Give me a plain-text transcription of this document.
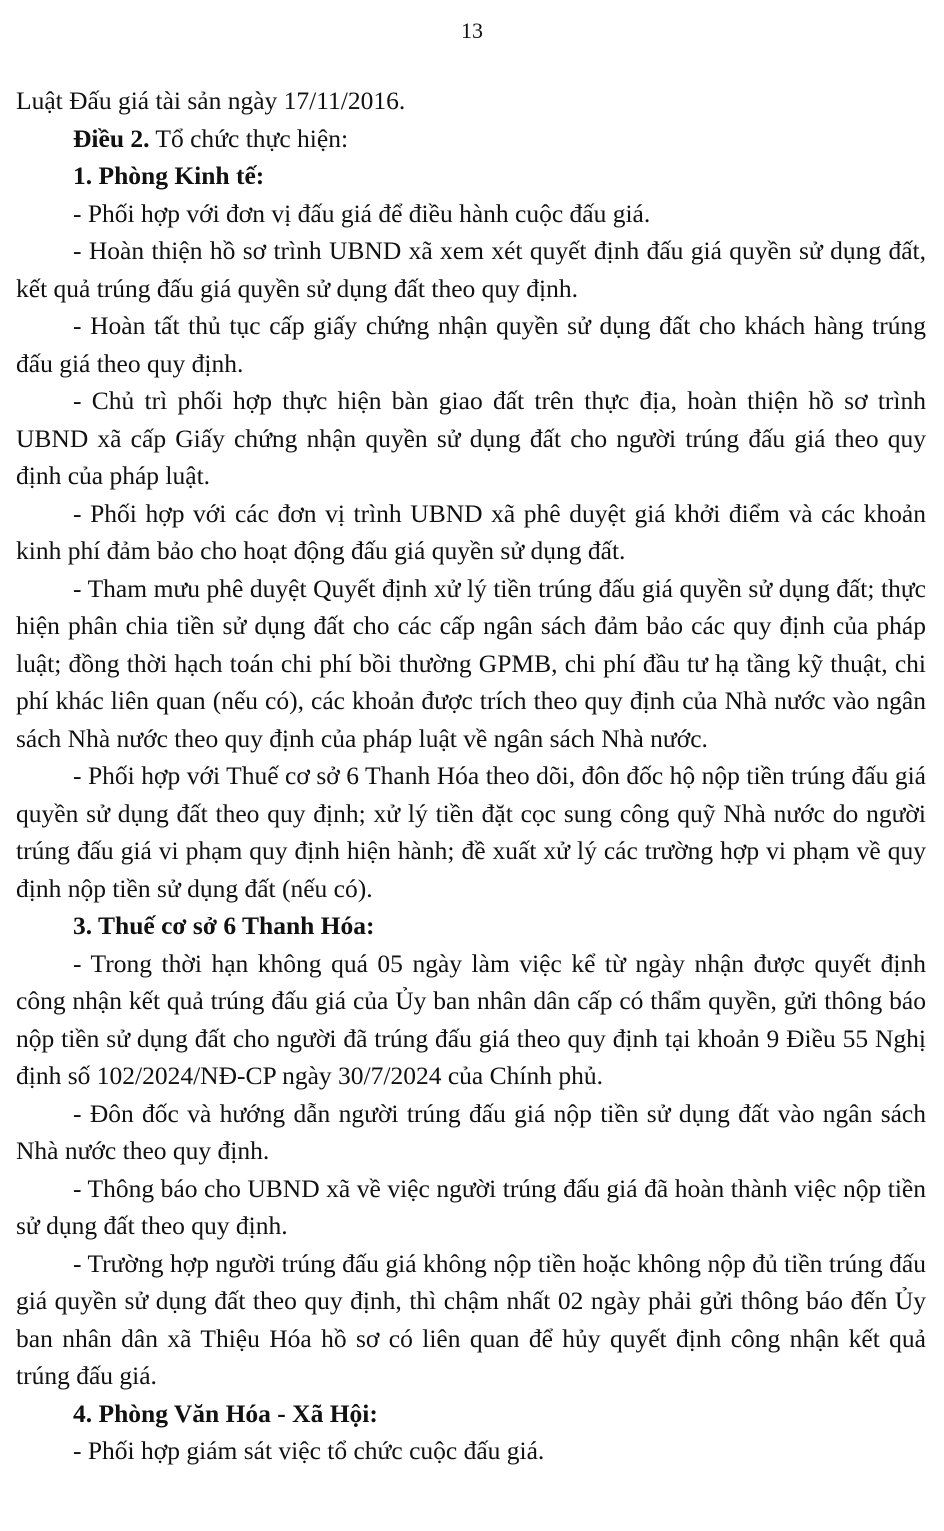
13

Luật Đấu giá tài sản ngày 17/11/2016.

Điều 2. Tổ chức thực hiện:

1. Phòng Kinh tế:

- Phối hợp với đơn vị đấu giá để điều hành cuộc đấu giá.

- Hoàn thiện hồ sơ trình UBND xã xem xét quyết định đấu giá quyền sử dụng đất, kết quả trúng đấu giá quyền sử dụng đất theo quy định.

- Hoàn tất thủ tục cấp giấy chứng nhận quyền sử dụng đất cho khách hàng trúng đấu giá theo quy định.

- Chủ trì phối hợp thực hiện bàn giao đất trên thực địa, hoàn thiện hồ sơ trình UBND xã cấp Giấy chứng nhận quyền sử dụng đất cho người trúng đấu giá theo quy định của pháp luật.

- Phối hợp với các đơn vị trình UBND xã phê duyệt giá khởi điểm và các khoản kinh phí đảm bảo cho hoạt động đấu giá quyền sử dụng đất.

- Tham mưu phê duyệt Quyết định xử lý tiền trúng đấu giá quyền sử dụng đất; thực hiện phân chia tiền sử dụng đất cho các cấp ngân sách đảm bảo các quy định của pháp luật; đồng thời hạch toán chi phí bồi thường GPMB, chi phí đầu tư hạ tầng kỹ thuật, chi phí khác liên quan (nếu có), các khoản được trích theo quy định của Nhà nước vào ngân sách Nhà nước theo quy định của pháp luật về ngân sách Nhà nước.

- Phối hợp với Thuế cơ sở 6 Thanh Hóa theo dõi, đôn đốc hộ nộp tiền trúng đấu giá quyền sử dụng đất theo quy định; xử lý tiền đặt cọc sung công quỹ Nhà nước do người trúng đấu giá vi phạm quy định hiện hành; đề xuất xử lý các trường hợp vi phạm về quy định nộp tiền sử dụng đất (nếu có).

3. Thuế cơ sở 6 Thanh Hóa:

- Trong thời hạn không quá 05 ngày làm việc kể từ ngày nhận được quyết định công nhận kết quả trúng đấu giá của Ủy ban nhân dân cấp có thẩm quyền, gửi thông báo nộp tiền sử dụng đất cho người đã trúng đấu giá theo quy định tại khoản 9 Điều 55 Nghị định số 102/2024/NĐ-CP ngày 30/7/2024 của Chính phủ.

- Đôn đốc và hướng dẫn người trúng đấu giá nộp tiền sử dụng đất vào ngân sách Nhà nước theo quy định.

- Thông báo cho UBND xã về việc người trúng đấu giá đã hoàn thành việc nộp tiền sử dụng đất theo quy định.

- Trường hợp người trúng đấu giá không nộp tiền hoặc không nộp đủ tiền trúng đấu giá quyền sử dụng đất theo quy định, thì chậm nhất 02 ngày phải gửi thông báo đến Ủy ban nhân dân xã Thiệu Hóa hồ sơ có liên quan để hủy quyết định công nhận kết quả trúng đấu giá.

4. Phòng Văn Hóa - Xã Hội:

- Phối hợp giám sát việc tổ chức cuộc đấu giá.
